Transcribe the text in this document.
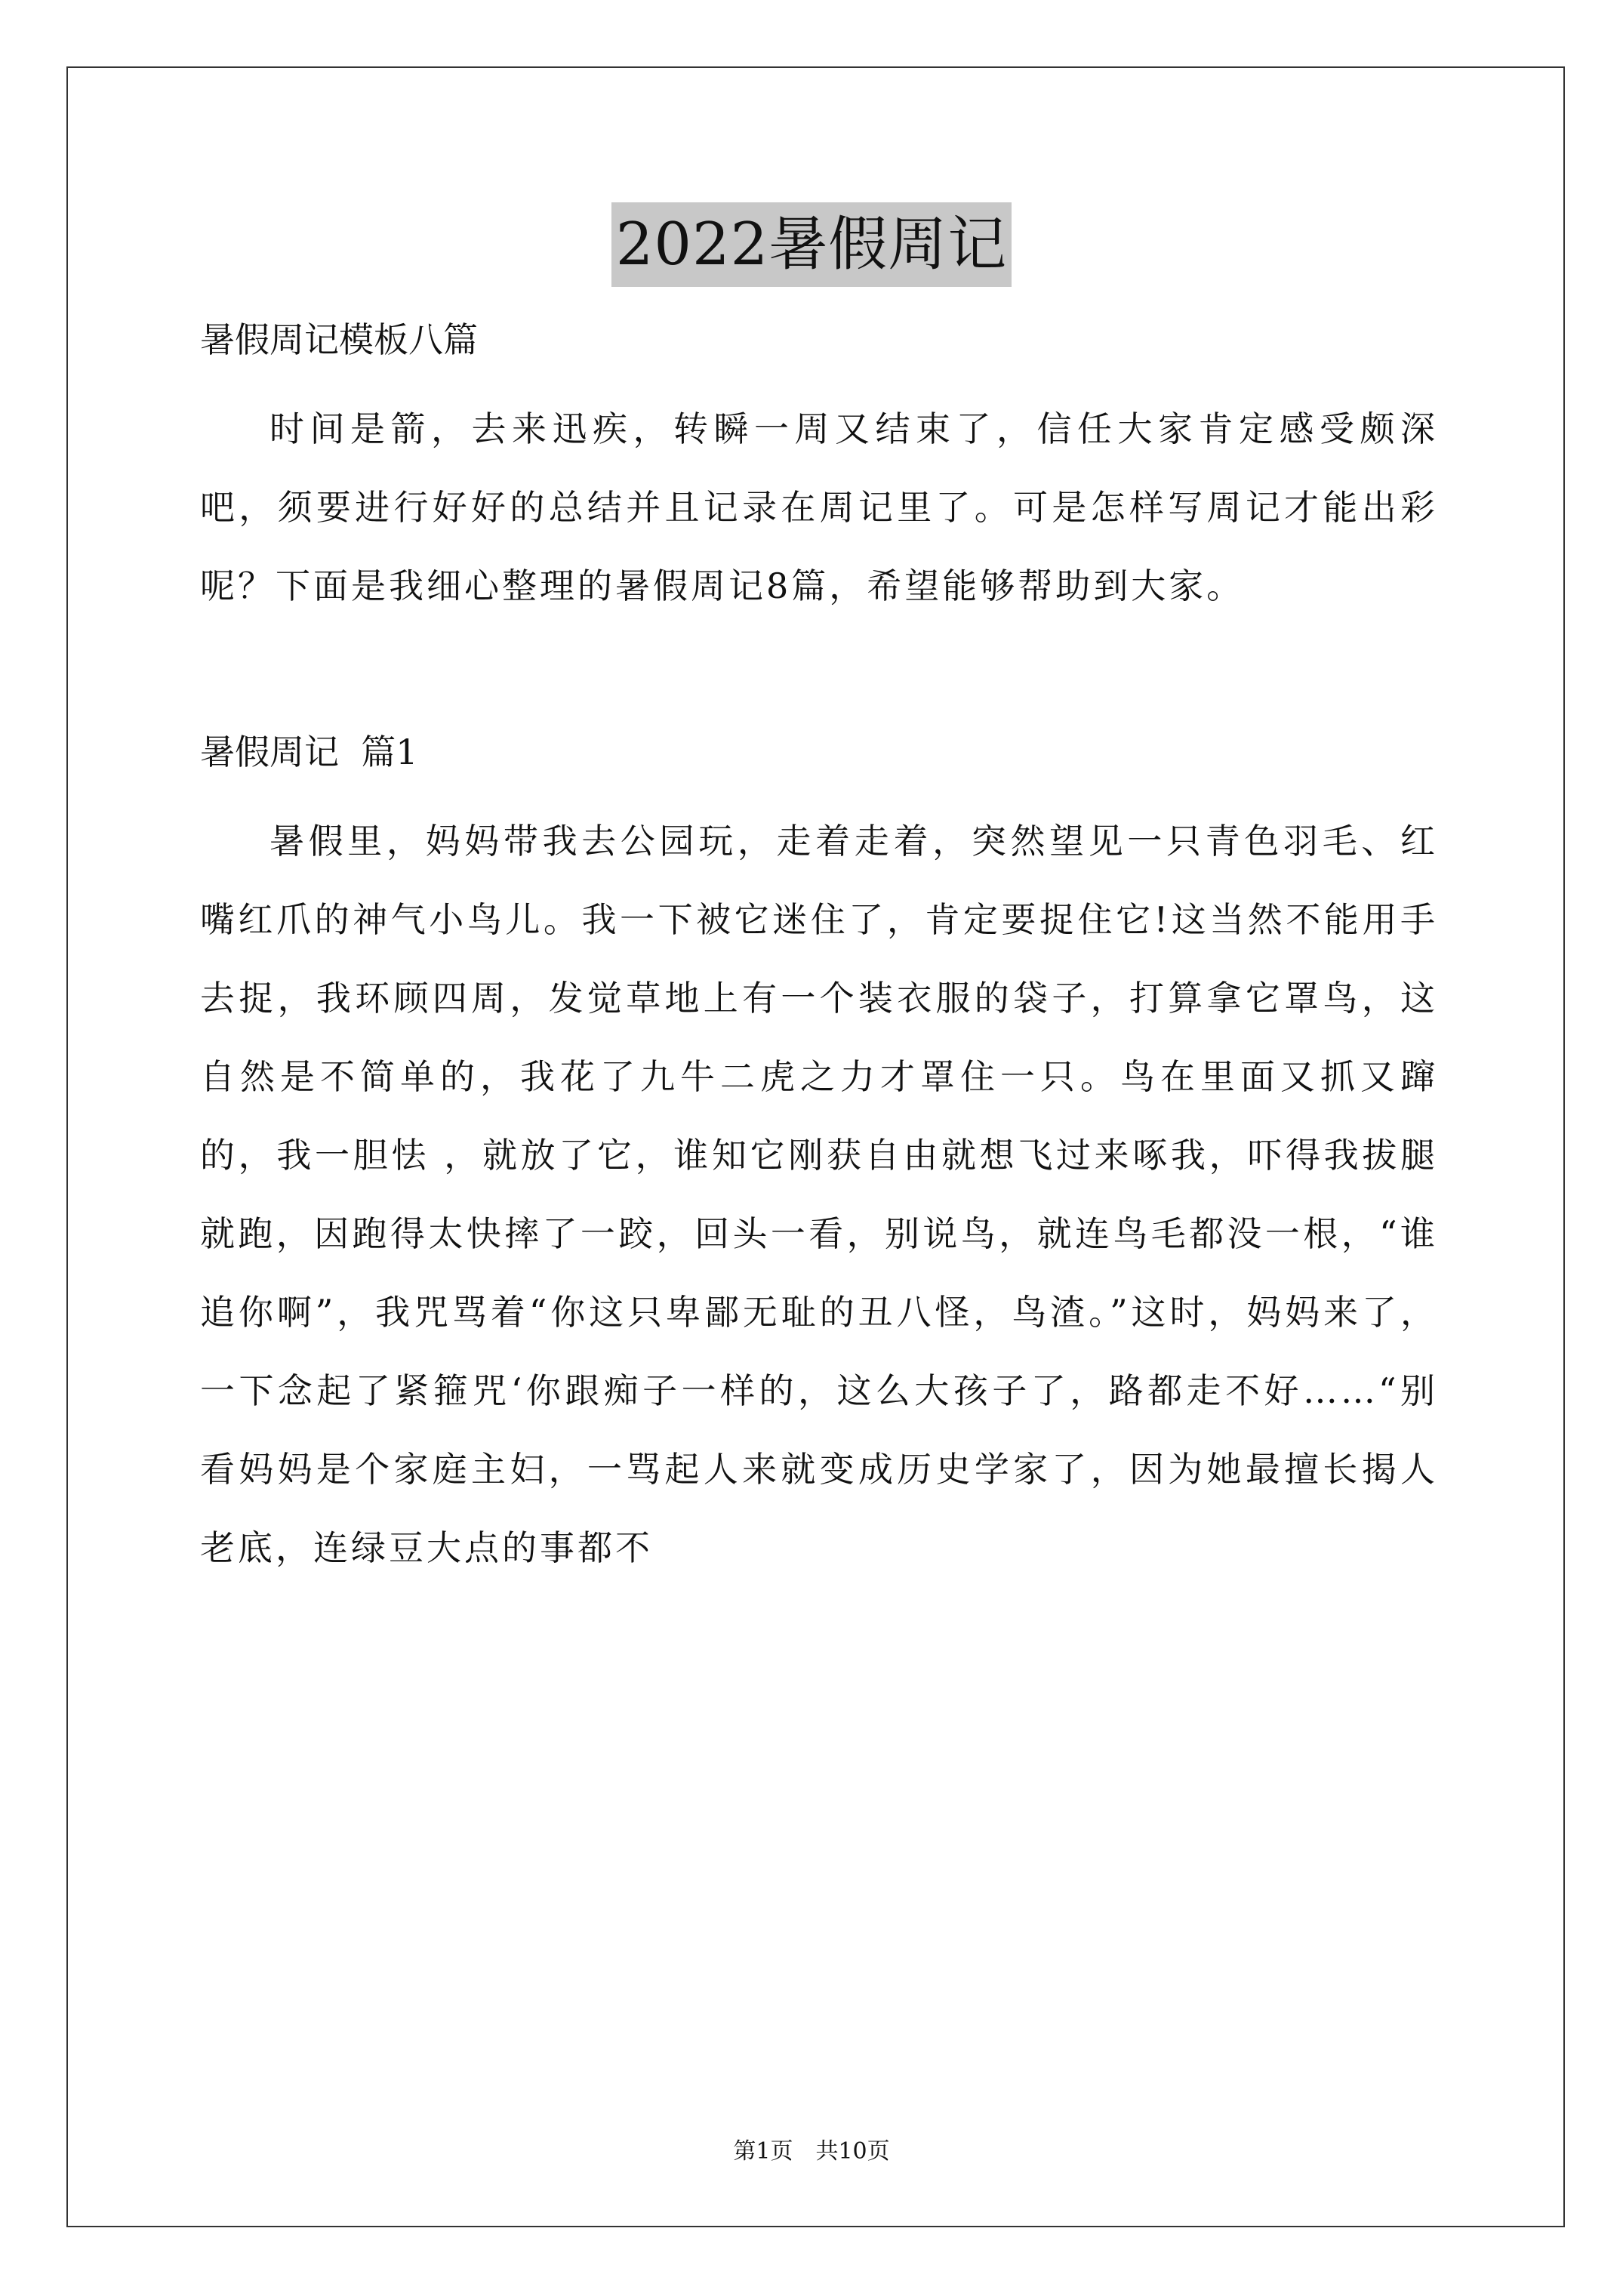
2022暑假周记

暑假周记模板八篇

时间是箭，去来迅疾，转瞬一周又结束了，信任大家肯定感受颇深吧，须要进行好好的总结并且记录在周记里了。可是怎样写周记才能出彩呢？下面是我细心整理的暑假周记8篇，希望能够帮助到大家。

暑假周记  篇1

暑假里，妈妈带我去公园玩，走着走着，突然望见一只青色羽毛、红嘴红爪的神气小鸟儿。我一下被它迷住了，肯定要捉住它!这当然不能用手去捉，我环顾四周，发觉草地上有一个装衣服的袋子，打算拿它罩鸟，这自然是不简单的，我花了九牛二虎之力才罩住一只。鸟在里面又抓又蹿的，我一胆怯 ，就放了它，谁知它刚获自由就想飞过来啄我，吓得我拔腿就跑，因跑得太快摔了一跤，回头一看，别说鸟，就连鸟毛都没一根，“谁追你啊”，我咒骂着“你这只卑鄙无耻的丑八怪，鸟渣。”这时，妈妈来了，一下念起了紧箍咒‘你跟痴子一样的，这么大孩子了，路都走不好……“别看妈妈是个家庭主妇，一骂起人来就变成历史学家了，因为她最擅长揭人老底，连绿豆大点的事都不

第1页 共10页
